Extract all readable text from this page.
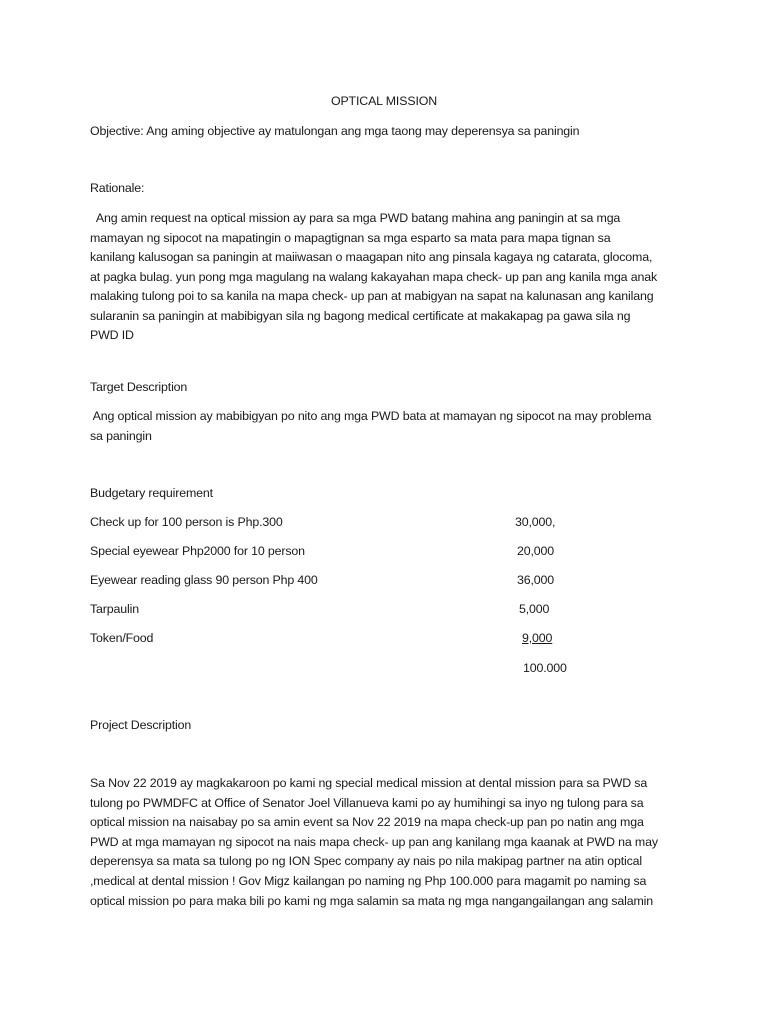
OPTICAL MISSION
Objective: Ang aming objective ay matulongan ang mga taong may deperensya sa paningin
Rationale:
Ang amin request na optical mission ay para sa mga PWD batang mahina ang paningin at sa mga
mamayan ng sipocot na mapatingin o mapagtignan sa mga esparto sa mata para mapa tignan sa
kanilang kalusogan sa paningin at maiiwasan o maagapan nito ang pinsala kagaya ng catarata, glocoma,
at pagka bulag. yun pong mga magulang na walang kakayahan mapa check- up pan ang kanila mga anak
malaking tulong poi to sa kanila na mapa check- up pan at mabigyan na sapat na kalunasan ang kanilang
sularanin sa paningin at mabibigyan sila ng bagong medical certificate at makakapag pa gawa sila ng
PWD ID
Target Description
Ang optical mission ay mabibigyan po nito ang mga PWD bata at mamayan ng sipocot na may problema
sa paningin
Budgetary requirement
Check up for 100 person is Php.300	30,000,
Special eyewear Php2000 for 10 person	20,000
Eyewear reading glass 90 person Php 400	36,000
Tarpaulin	5,000
Token/Food	9,000
100.000
Project Description
Sa Nov 22 2019 ay magkakaroon po kami ng special medical mission at dental mission para sa PWD sa
tulong po PWMDFC at Office of Senator Joel Villanueva kami po ay humihingi sa inyo ng tulong para sa
optical mission na naisabay po sa amin event sa Nov 22 2019 na mapa check-up pan po natin ang mga
PWD at mga mamayan ng sipocot na nais mapa check- up pan ang kanilang mga kaanak at PWD na may
deperensya sa mata sa tulong po ng ION Spec company ay nais po nila makipag partner na atin optical
,medical at dental mission ! Gov Migz kailangan po naming ng Php 100.000 para magamit po naming sa
optical mission po para maka bili po kami ng mga salamin sa mata ng mga nangangailangan ang salamin
